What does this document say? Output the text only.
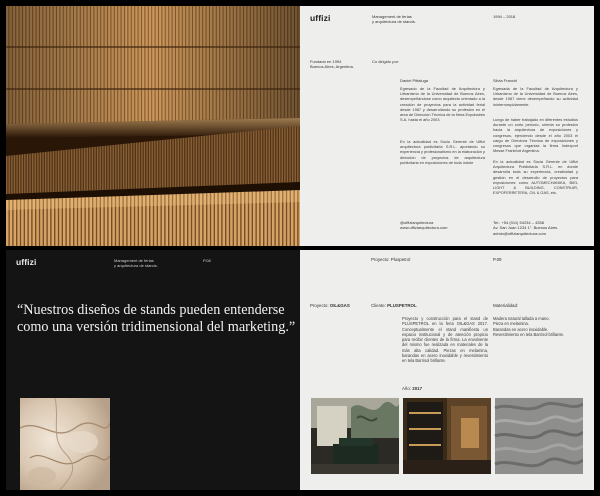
uffizi	Management de ferias
y arquitectura de stands.
1994 – 2018
Fundado en 1994
Buenos Aires, Argentina.
Co dirigido por:
Daniel Pittaluga
Egresado de la Facultad de Arquitectura y Urbanismo de la Universidad de Buenos Aires, desempeñándose como arquitecto orientado a la creación de proyectos para la actividad ferial desde 1987 y desarrollando su profesión en el área de Dirección Técnica de la firma Expobaires S.A. hasta el año 2003.
En la actualidad es Socio Gerente de Uffizi arquitectura publicitaria S.R.L. aportando su experiencia y profesionalismo en la elaboración y dirección de proyectos de arquitectura publicitaria en exposiciones de toda índole
Silvia Franchi
Egresada de la Facultad de Arquitectura y Urbanismo de la Universidad de Buenos Aires, desde 1987 viene desempeñando su actividad ininterrumpidamente.
Luego de haber trabajado en diferentes estudios durante un corto período, orienta su profesión hacia la arquitectura de exposiciones y congresos, ejerciendo desde el año 2003 el cargo de Directora Técnica de exposiciones y congresos que organiza la firma Indexport Messe Frankfurt Argentina.
En la actualidad es Socia Gerente de Uffizi Arquitectura Publicitaria S.R.L. en donde desarrolla toda su experiencia, creatividad y gestión en el desarrollo de proyectos para exposiciones como AUTOMECHANIKA, BIEL LIGHT & BUILDING, CONSTRUIR, EXPOFERRETERA, OIL & GAS, etc.
@uffiziarquitectura
www.uffiziarquitectura.com
Tel.: +54 (011) 54234 – 4358
Av. San Juan 1234 1°. Buenos Aires.
admin@uffiziarquitectura.com
uffizi	Management de ferias
y arquitectura de stands.
P.08
“Nuestros diseños de stands pueden entenderse como una versión tridimensional del marketing.”
Proyecto: Pluspetrol	P.09
Proyecto: OIL&GAS	Cliente: PLUSPETROL	Materialidad:
Proyecto y construcción para el stand de PLUSPETROL en la feria OIL&GAS 2017. Conceptualmente el stand manifiesta un espacio institucional y de atención propicio para recibir clientes de la firma. La envolvente del mismo fue realizada en materiales de la más alta calidad. Piezas en melamina, barandas en acero inoxidable y revestimiento en tela Barrisol brillante.
Madera natural tallada a mano.
Pieza en melamina.
Barandas en acero inoxidable.
Revestimiento en tela Barrisol brillante.
Año: 2017
